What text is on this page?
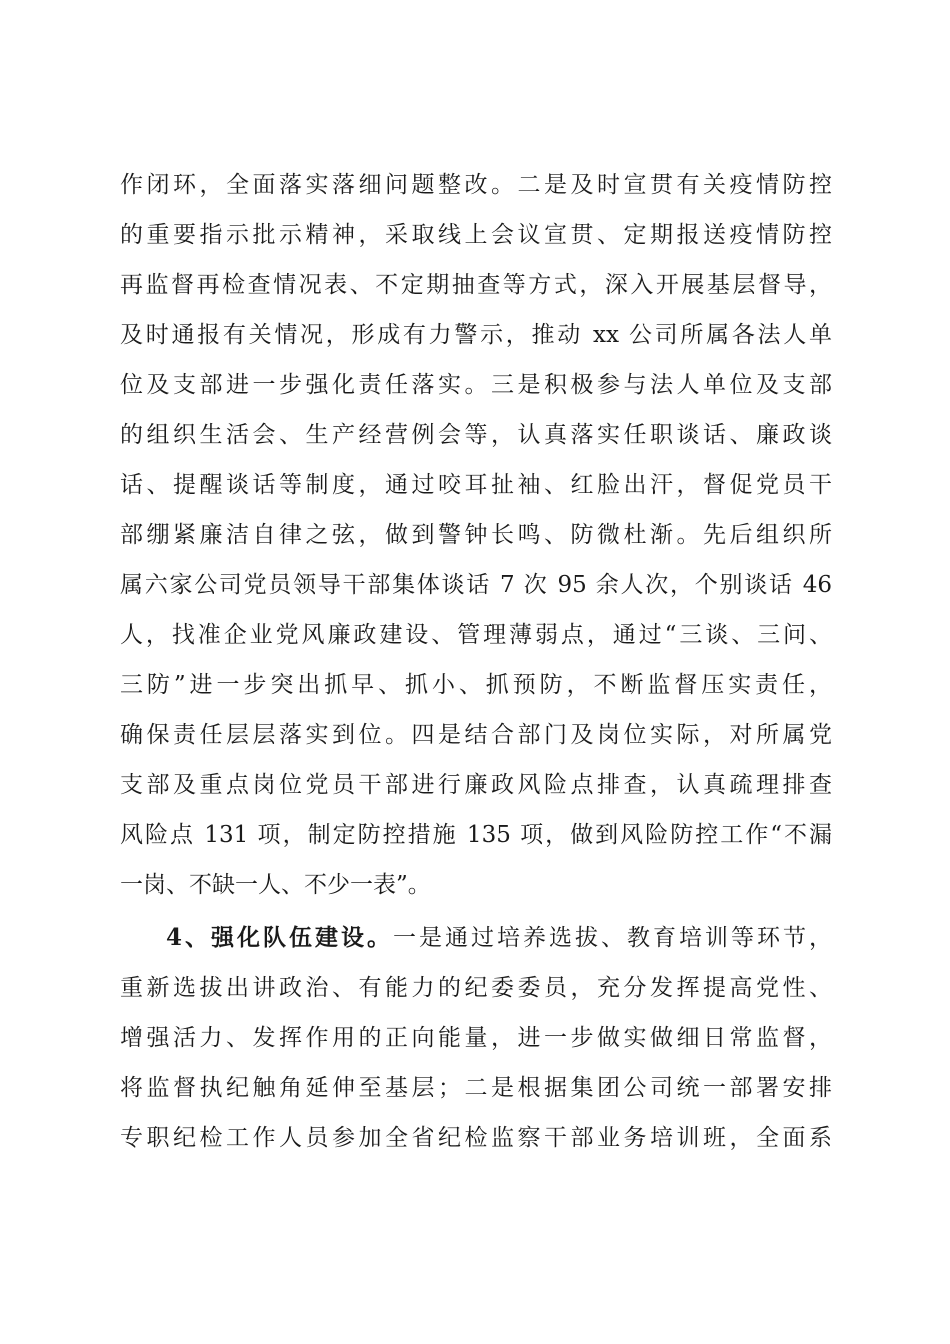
作闭环，全面落实落细问题整改。二是及时宣贯有关疫情防控
的重要指示批示精神，采取线上会议宣贯、定期报送疫情防控
再监督再检查情况表、不定期抽查等方式，深入开展基层督导，
及时通报有关情况，形成有力警示，推动 xx 公司所属各法人单
位及支部进一步强化责任落实。三是积极参与法人单位及支部
的组织生活会、生产经营例会等，认真落实任职谈话、廉政谈
话、提醒谈话等制度，通过咬耳扯袖、红脸出汗，督促党员干
部绷紧廉洁自律之弦，做到警钟长鸣、防微杜渐。先后组织所
属六家公司党员领导干部集体谈话 7 次 95 余人次，个别谈话 46
人，找准企业党风廉政建设、管理薄弱点，通过“三谈、三问、
三防”进一步突出抓早、抓小、抓预防，不断监督压实责任，
确保责任层层落实到位。四是结合部门及岗位实际，对所属党
支部及重点岗位党员干部进行廉政风险点排查，认真疏理排查
风险点 131 项，制定防控措施 135 项，做到风险防控工作“不漏
一岗、不缺一人、不少一表”。
4、强化队伍建设。一是通过培养选拔、教育培训等环节，
重新选拔出讲政治、有能力的纪委委员，充分发挥提高党性、
增强活力、发挥作用的正向能量，进一步做实做细日常监督，
将监督执纪触角延伸至基层；二是根据集团公司统一部署安排
专职纪检工作人员参加全省纪检监察干部业务培训班，全面系
